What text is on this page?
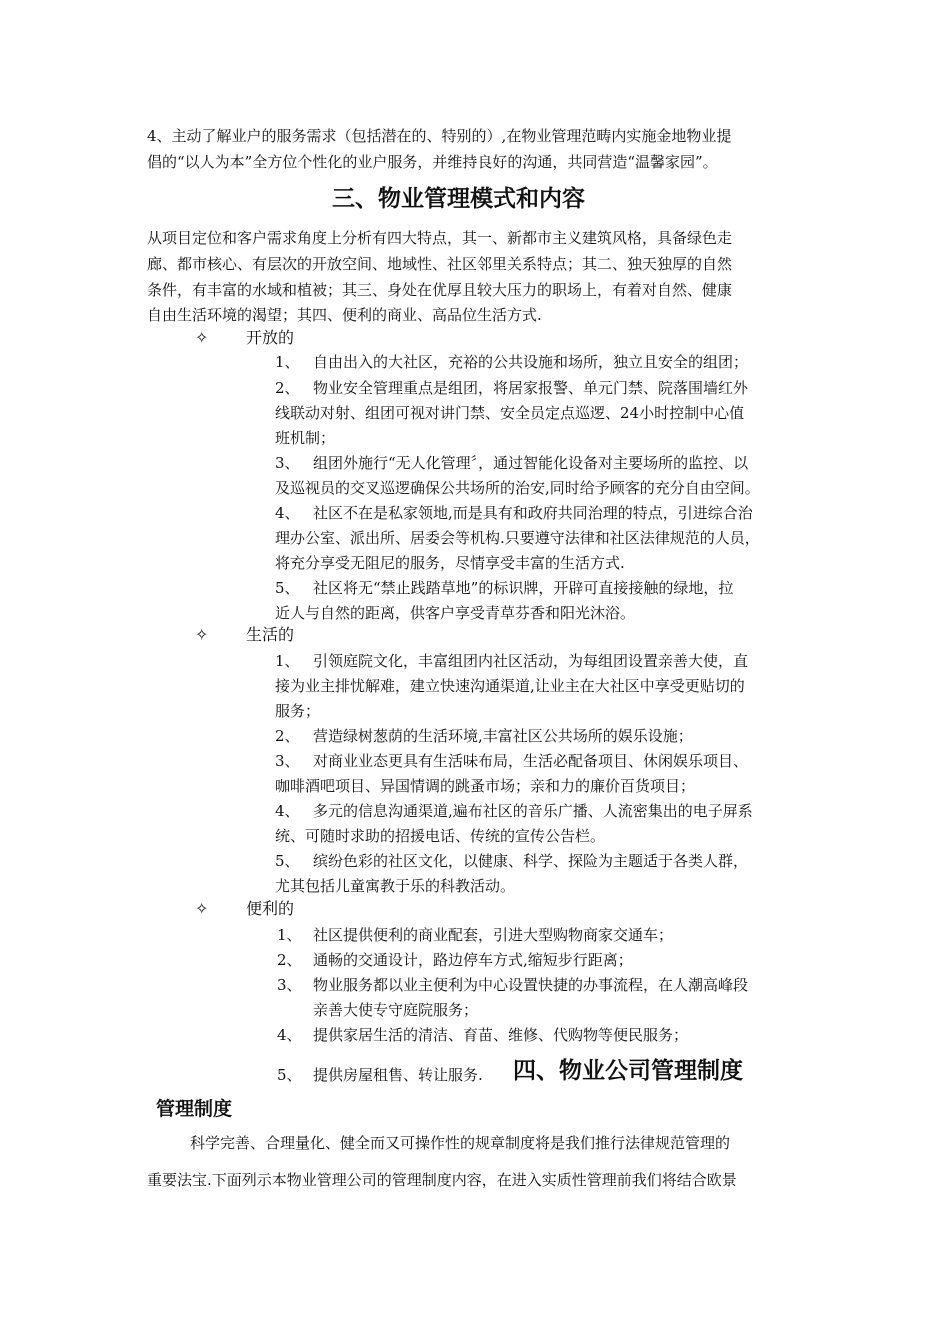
4、主动了解业户的服务需求（包括潜在的、特别的）,在物业管理范畴内实施金地物业提
倡的“以人为本”全方位个性化的业户服务，并维持良好的沟通，共同营造“温馨家园”。
三、物业管理模式和内容
从项目定位和客户需求角度上分析有四大特点，其一、新都市主义建筑风格，具备绿色走
廊、都市核心、有层次的开放空间、地域性、社区邻里关系特点；其二、独天独厚的自然
条件，有丰富的水域和植被；其三、身处在优厚且较大压力的职场上，有着对自然、健康
自由生活环境的渴望；其四、便利的商业、高品位生活方式.
✧ 开放的
1、 自由出入的大社区，充裕的公共设施和场所，独立且安全的组团；
2、 物业安全管理重点是组团，将居家报警、单元门禁、院落围墙红外
线联动对射、组团可视对讲门禁、安全员定点巡逻、24小时控制中心值
班机制；
3、 组团外施行“无人化管理〞，通过智能化设备对主要场所的监控、以
及巡视员的交叉巡逻确保公共场所的治安,同时给予顾客的充分自由空间。
4、 社区不在是私家领地,而是具有和政府共同治理的特点，引进综合治
理办公室、派出所、居委会等机构.只要遵守法律和社区法律规范的人员，
将充分享受无阻尼的服务，尽情享受丰富的生活方式.
5、 社区将无“禁止践踏草地”的标识牌，开辟可直接接触的绿地，拉
近人与自然的距离，供客户享受青草芬香和阳光沐浴。
✧ 生活的
1、 引领庭院文化，丰富组团内社区活动，为每组团设置亲善大使，直
接为业主排忧解难，建立快速沟通渠道,让业主在大社区中享受更贴切的
服务；
2、 营造绿树葱荫的生活环境,丰富社区公共场所的娱乐设施；
3、 对商业业态更具有生活味布局，生活必配备项目、休闲娱乐项目、
咖啡酒吧项目、异国情调的跳蚤市场；亲和力的廉价百货项目；
4、 多元的信息沟通渠道,遍布社区的音乐广播、人流密集出的电子屏系
统、可随时求助的招援电话、传统的宣传公告栏。
5、 缤纷色彩的社区文化，以健康、科学、探险为主题适于各类人群，
尤其包括儿童寓教于乐的科教活动。
✧ 便利的
1、 社区提供便利的商业配套，引进大型购物商家交通车；
2、 通畅的交通设计，路边停车方式,缩短步行距离；
3、 物业服务都以业主便利为中心设置快捷的办事流程，在人潮高峰段
亲善大使专守庭院服务；
4、 提供家居生活的清洁、育苗、维修、代购物等便民服务；
5、 提供房屋租售、转让服务. 四、物业公司管理制度
管理制度
科学完善、合理量化、健全而又可操作性的规章制度将是我们推行法律规范管理的
重要法宝.下面列示本物业管理公司的管理制度内容，在进入实质性管理前我们将结合欧景
